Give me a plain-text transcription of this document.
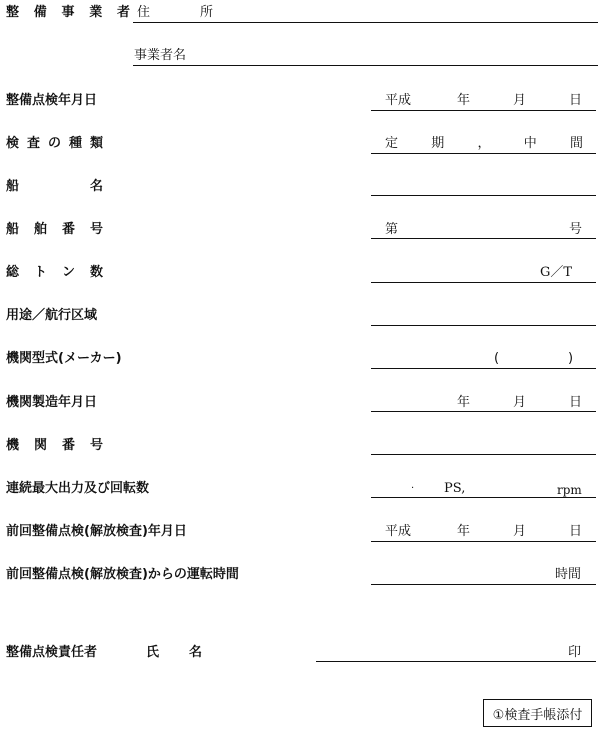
整 備 事 業 者 住	所
事業者名
整備点検年月日	平成	年	月	日
検 査 の 種 類	定	期	，	中	間
船	名
船 舶 番 号	第	号
総 ト ン 数	G／T
用途／航行区域
機関型式(メーカー)	(	)
機関製造年月日	年	月	日
機 関 番 号
連続最大出力及び回転数	· PS,	rpm
前回整備点検(解放検査)年月日	平成	年	月	日
前回整備点検(解放検査)からの運転時間	時間
整備点検責任者	氏 名	印
①検査手帳添付
